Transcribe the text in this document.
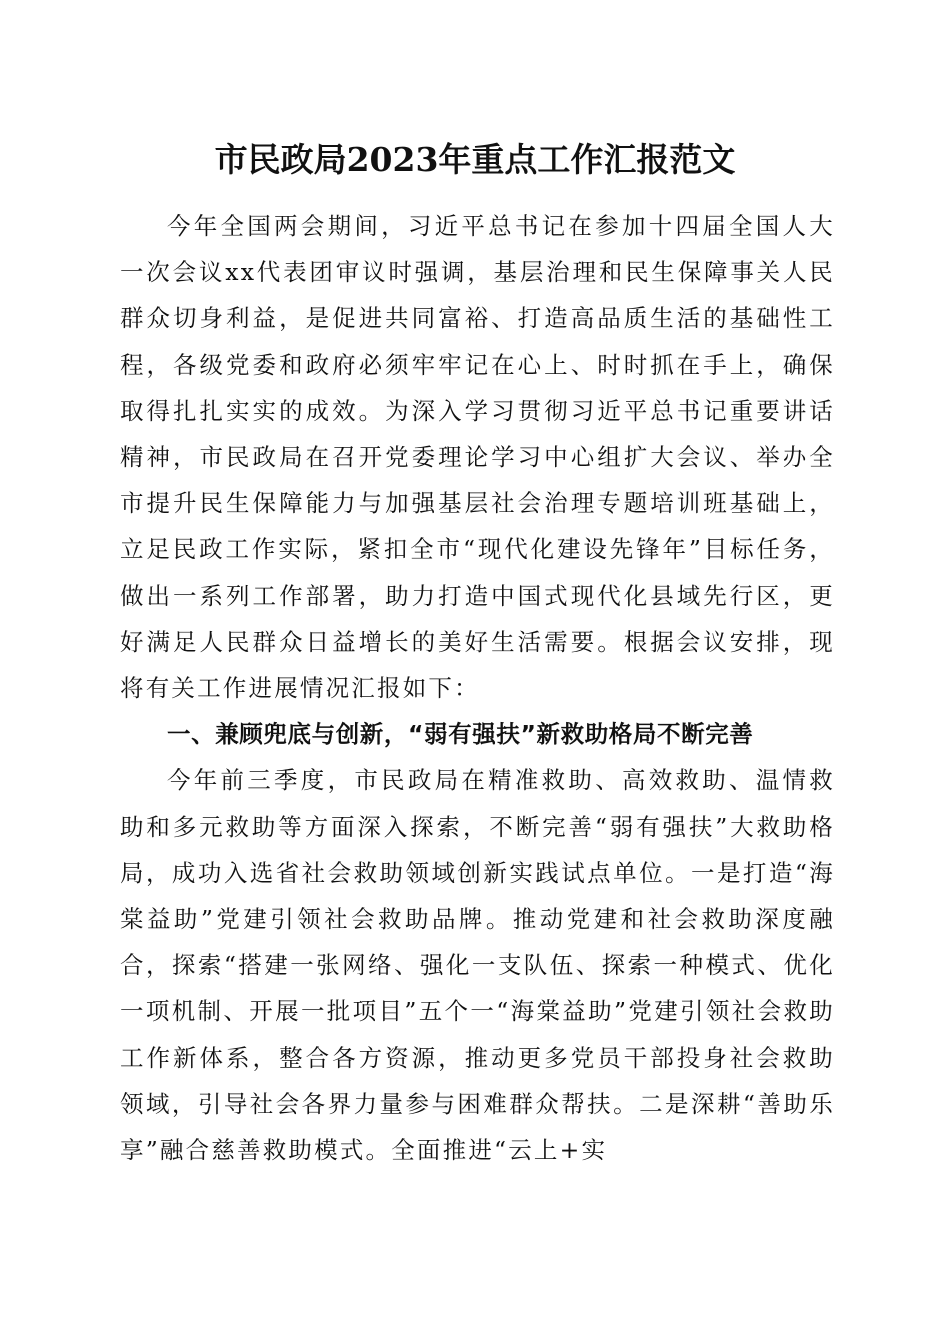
市民政局2023年重点工作汇报范文

今年全国两会期间，习近平总书记在参加十四届全国人大一次会议xx代表团审议时强调，基层治理和民生保障事关人民群众切身利益，是促进共同富裕、打造高品质生活的基础性工程，各级党委和政府必须牢牢记在心上、时时抓在手上，确保取得扎扎实实的成效。为深入学习贯彻习近平总书记重要讲话精神，市民政局在召开党委理论学习中心组扩大会议、举办全市提升民生保障能力与加强基层社会治理专题培训班基础上，立足民政工作实际，紧扣全市“现代化建设先锋年”目标任务，做出一系列工作部署，助力打造中国式现代化县域先行区，更好满足人民群众日益增长的美好生活需要。根据会议安排，现将有关工作进展情况汇报如下：

一、兼顾兜底与创新，“弱有强扶”新救助格局不断完善

今年前三季度，市民政局在精准救助、高效救助、温情救助和多元救助等方面深入探索，不断完善“弱有强扶”大救助格局，成功入选省社会救助领域创新实践试点单位。一是打造“海棠益助”党建引领社会救助品牌。推动党建和社会救助深度融合，探索“搭建一张网络、强化一支队伍、探索一种模式、优化一项机制、开展一批项目”五个一“海棠益助”党建引领社会救助工作新体系，整合各方资源，推动更多党员干部投身社会救助领域，引导社会各界力量参与困难群众帮扶。二是深耕“善助乐享”融合慈善救助模式。全面推进“云上+实
